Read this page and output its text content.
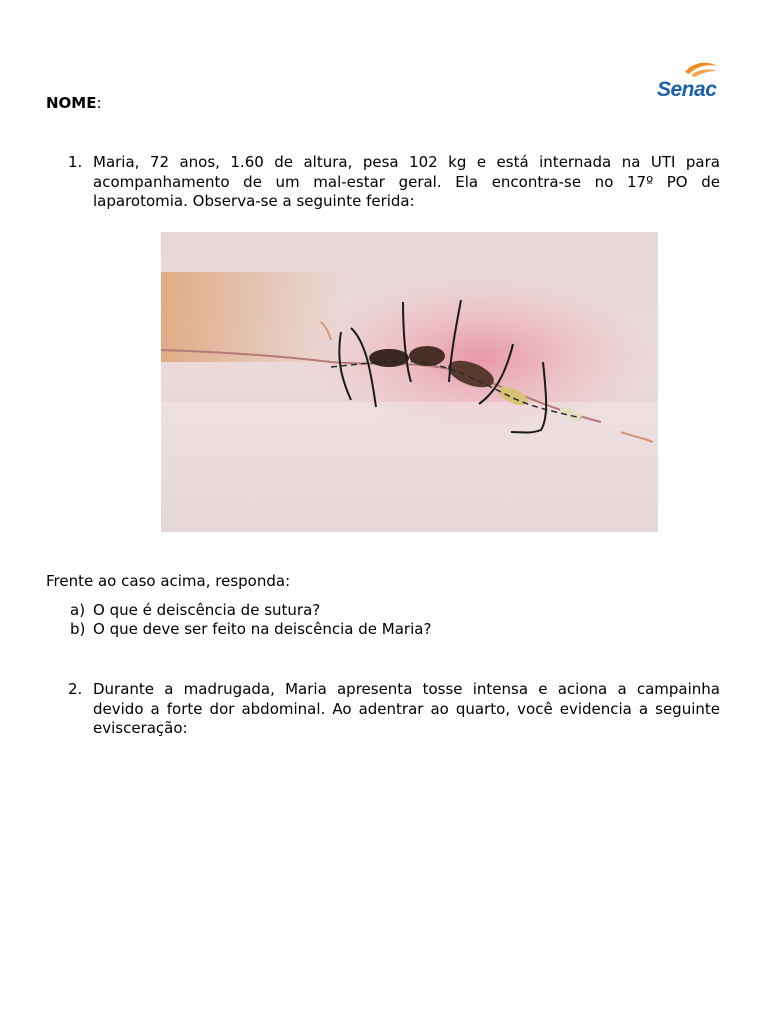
Senac
NOME:
1. Maria, 72 anos, 1.60 de altura, pesa 102 kg e está internada na UTI para acompanhamento de um mal-estar geral. Ela encontra-se no 17º PO de laparotomia. Observa-se a seguinte ferida:
Frente ao caso acima, responda:
a) O que é deiscência de sutura?
b) O que deve ser feito na deiscência de Maria?
2. Durante a madrugada, Maria apresenta tosse intensa e aciona a campainha devido a forte dor abdominal. Ao adentrar ao quarto, você evidencia a seguinte evisceração:
